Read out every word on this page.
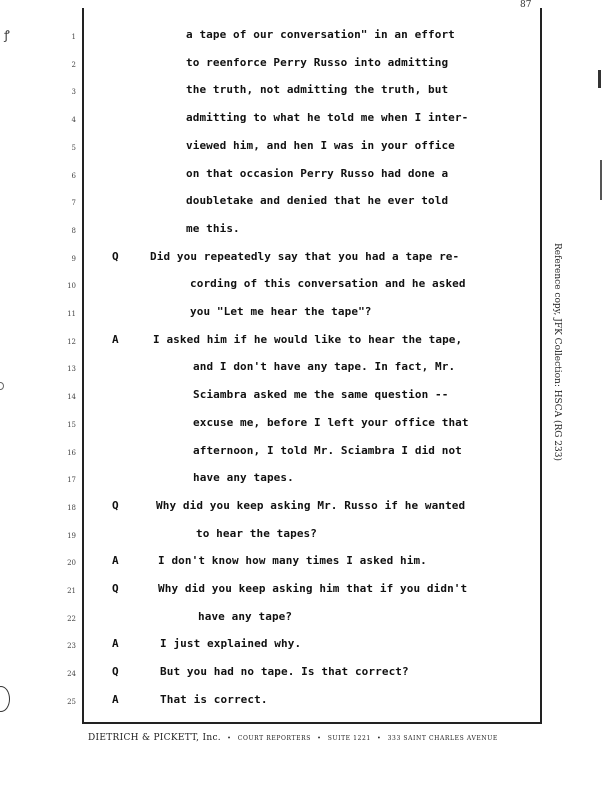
87
ꝭ	1	a tape of our conversation" in an effort
2	to reenforce Perry Russo into admitting
3	the truth, not admitting the truth, but
4	admitting to what he told me when I inter-
5	viewed him, and hen I was in your office
6	on that occasion Perry Russo had done a
7	doubletake and denied that he ever told
8	me this.
9	Q	Did you repeatedly say that you had a tape re-
10	cording of this conversation and he asked
11	you "Let me hear the tape"?
12	A	I asked him if he would like to hear the tape,
13	and I don't have any tape. In fact, Mr.
14	Sciambra asked me the same question --
15	excuse me, before I left your office that
16	afternoon, I told Mr. Sciambra I did not
17	have any tapes.
18	Q	Why did you keep asking Mr. Russo if he wanted
19	to hear the tapes?
20	A	I don't know how many times I asked him.
21	Q	Why did you keep asking him that if you didn't
22	have any tape?
23	A	I just explained why.
24	Q	But you had no tape. Is that correct?
25	A	That is correct.
DIETRICH & PICKETT, Inc. • COURT REPORTERS • SUITE 1221 • 333 SAINT CHARLES AVENUE
Reference copy, JFK Collection: HSCA (RG 233)
